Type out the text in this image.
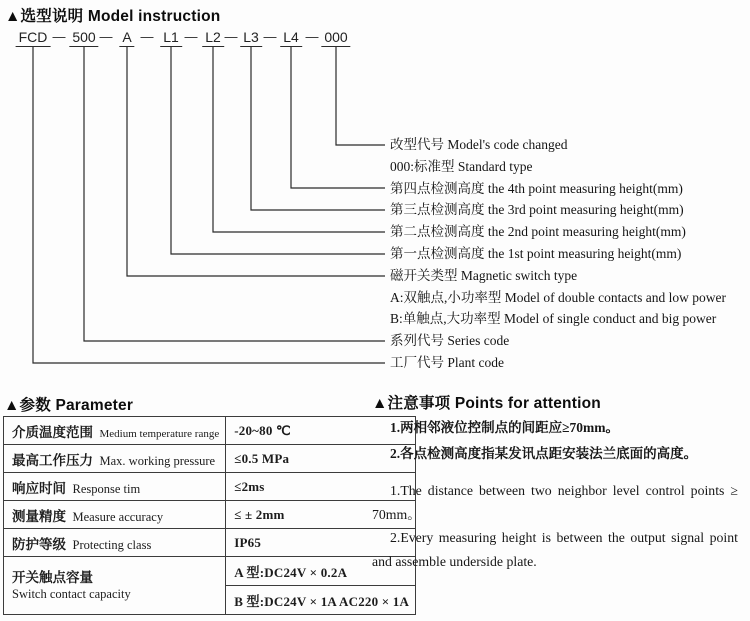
▲选型说明 Model instruction
FCD — 500 — A — L1 — L2 — L3 — L4 — 000
改型代号 Model's code changed
000:标准型 Standard type
第四点检测高度 the 4th point measuring height(mm)
第三点检测高度 the 3rd point measuring height(mm)
第二点检测高度 the 2nd point measuring height(mm)
第一点检测高度 the 1st point measuring height(mm)
磁开关类型 Magnetic switch type
A:双触点,小功率型 Model of double contacts and low power
B:单触点,大功率型 Model of single conduct and big power
系列代号 Series code
工厂代号 Plant code
▲参数 Parameter
介质温度范围 Medium temperature range	-20~80 ℃
最高工作压力 Max. working pressure	≤0.5 MPa
响应时间 Response tim	≤2ms
测量精度 Measure accuracy	≤ ± 2mm
防护等级 Protecting class	IP65

开关触点容量
Switch contact capacity	A 型:DC24V × 0.2A
	B 型:DC24V × 1A AC220 × 1A
▲注意事项 Points for attention
1.两相邻液位控制点的间距应≥70mm。
2.各点检测高度指某发讯点距安装法兰底面的高度。
1.The distance between two neighbor level control points ≥
70mm。
2.Every measuring height is between the output signal point
and assemble underside plate.
